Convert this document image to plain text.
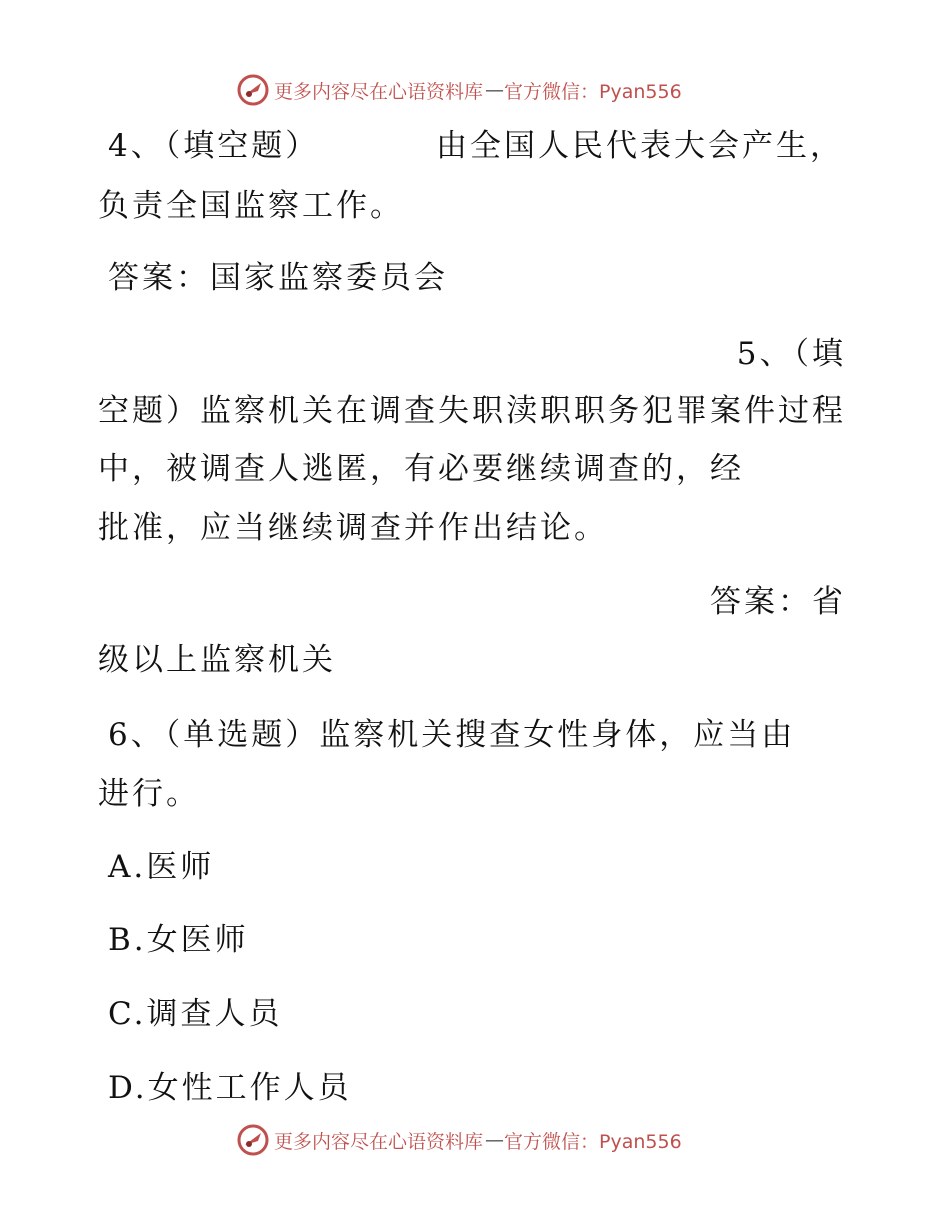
更多内容尽在心语资料库 — 官方微信：Pyan556
4、（填空题）	由全国人民代表大会产生，
负责全国监察工作。
答案：国家监察委员会
5、（填
空题）监察机关在调查失职渎职职务犯罪案件过程
中，被调查人逃匿，有必要继续调查的，经
批准，应当继续调查并作出结论。
答案：省
级以上监察机关
6、（单选题）监察机关搜查女性身体，应当由
进行。
A.医师
B.女医师
C.调查人员
D.女性工作人员
更多内容尽在心语资料库 — 官方微信：Pyan556
